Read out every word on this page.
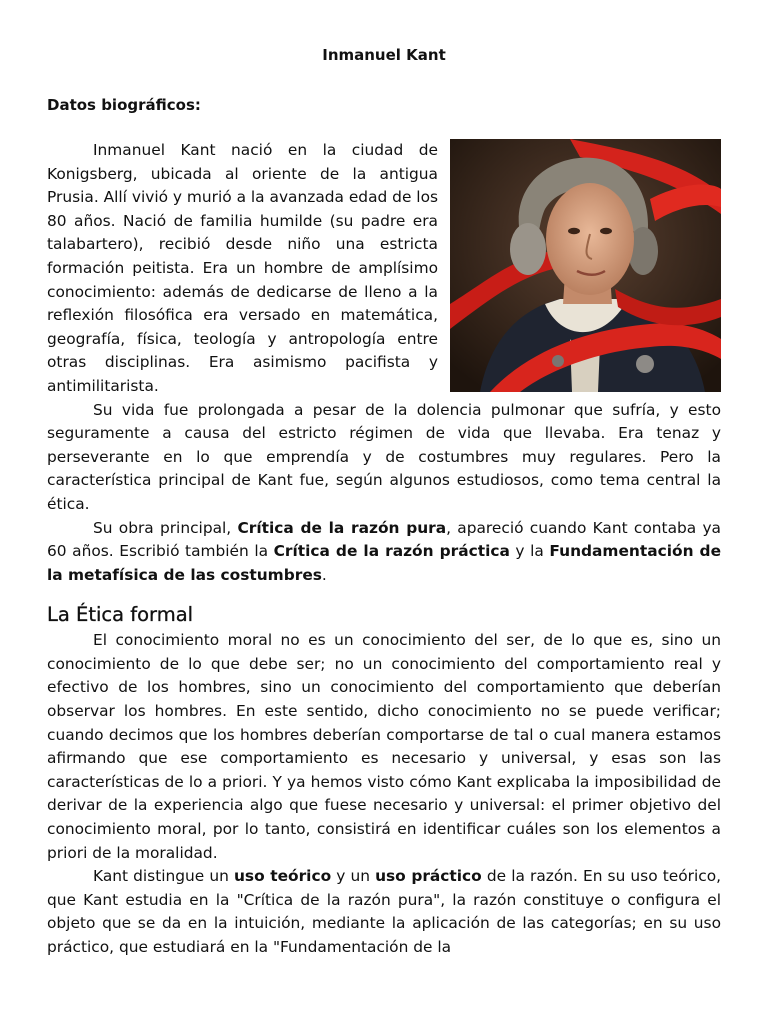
Inmanuel Kant
Datos biográficos:

Inmanuel Kant nació en la ciudad de Konigsberg, ubicada al oriente de la antigua Prusia. Allí vivió y murió a la avanzada edad de los 80 años. Nació de familia humilde (su padre era talabartero), recibió desde niño una estricta formación peitista. Era un hombre de amplísimo conocimiento: además de dedicarse de lleno a la reflexión filosófica era versado en matemática, geografía, física, teología y antropología entre otras disciplinas. Era asimismo pacifista y antimilitarista.

Su vida fue prolongada a pesar de la dolencia pulmonar que sufría, y esto seguramente a causa del estricto régimen de vida que llevaba. Era tenaz y perseverante en lo que emprendía y de costumbres muy regulares. Pero la característica principal de Kant fue, según algunos estudiosos, como tema central la ética.

Su obra principal, Crítica de la razón pura, apareció cuando Kant contaba ya 60 años. Escribió también la Crítica de la razón práctica y la Fundamentación de la metafísica de las costumbres.

La Ética formal

El conocimiento moral no es un conocimiento del ser, de lo que es, sino un conocimiento de lo que debe ser; no un conocimiento del comportamiento real y efectivo de los hombres, sino un conocimiento del comportamiento que deberían observar los hombres. En este sentido, dicho conocimiento no se puede verificar; cuando decimos que los hombres deberían comportarse de tal o cual manera estamos afirmando que ese comportamiento es necesario y universal, y esas son las características de lo a priori. Y ya hemos visto cómo Kant explicaba la imposibilidad de derivar de la experiencia algo que fuese necesario y universal: el primer objetivo del conocimiento moral, por lo tanto, consistirá en identificar cuáles son los elementos a priori de la moralidad.

Kant distingue un uso teórico y un uso práctico de la razón. En su uso teórico, que Kant estudia en la "Crítica de la razón pura", la razón constituye o configura el objeto que se da en la intuición, mediante la aplicación de las categorías; en su uso práctico, que estudiará en la "Fundamentación de la
